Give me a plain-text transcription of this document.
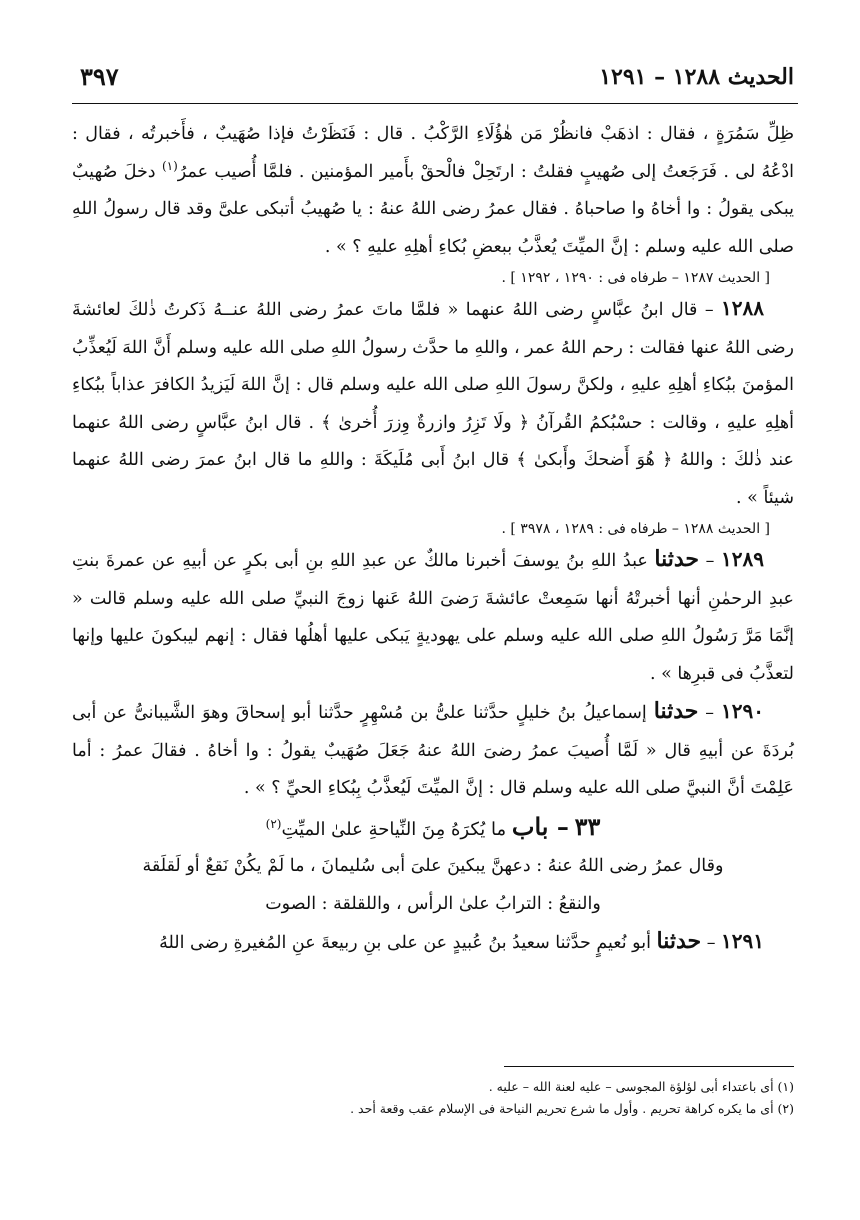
الحديث ١٢٨٨ – ١٢٩١
٣٩٧

ظِلِّ سَمُرَةٍ ، فقال : اذهَبْ فانظُرْ مَن هٰؤُلَاءِ الرَّكْبُ . قال : فَنَظَرْتُ فإذا صُهَيبٌ ، فأَخبرتُه ، فقال : ادْعُهُ لى . فَرَجَعتُ إلى صُهيبٍ فقلتُ : ارتَحِلْ فالْحقْ بأَمير المؤمنين . فلمَّا أُصيب عمرُ$^{(١)}$ دخلَ صُهيبٌ يبكى يقولُ : وا أخاهُ وا صاحباهُ . فقال عمرُ رضى اللهُ عنهُ : يا صُهيبُ أتبكى علىَّ وقد قال رسولُ اللهِ صلى الله عليه وسلم : إنَّ الميِّتَ يُعذَّبُ ببعضِ بُكاءِ أهلِهِ عليهِ ؟ » .

[ الحديث ١٢٨٧ – طرفاه فى : ١٢٩٠ ، ١٢٩٢ ] .

١٢٨٨ – قال ابنُ عبَّاسٍ رضى اللهُ عنهما « فلمَّا ماتَ عمرُ رضى اللهُ عنــهُ ذَكرتُ ذٰلكَ لعائشةَ رضى اللهُ عنها فقالت : رحم اللهُ عمر ، واللهِ ما حدَّث رسولُ اللهِ صلى الله عليه وسلم أَنَّ اللهَ لَيُعذِّبُ المؤمنَ ببُكاءِ أهلِهِ عليهِ ، ولكنَّ رسولَ اللهِ صلى الله عليه وسلم قال : إنَّ اللهَ لَيَزيدُ الكافرَ عذاباً ببُكاءِ أهلِهِ عليهِ ، وقالت : حسْبُكمُ القُرآنُ ﴿ ولَا تَزِرُ وازرةٌ وِزرَ أُخرىٰ ﴾ . قال ابنُ عبَّاسٍ رضى اللهُ عنهما عند ذٰلكَ : واللهُ ﴿ هُوَ أَضحكَ وأَبكىٰ ﴾ قال ابنُ أَبى مُلَيكَةَ : واللهِ ما قال ابنُ عمرَ رضى اللهُ عنهما شيئاً » .

[ الحديث ١٢٨٨ – طرفاه فى : ١٢٨٩ ، ٣٩٧٨ ] .

١٢٨٩ – حدثنا عبدُ اللهِ بنُ يوسفَ أخبرنا مالكٌ عن عبدِ اللهِ بنِ أبى بكرٍ عن أبيهِ عن عمرةَ بنتِ عبدِ الرحمٰنِ أنها أخبرتْهُ أنها سَمِعتْ عائشةَ رَضىَ اللهُ عَنها زوجَ النبيِّ صلى الله عليه وسلم قالت « إنَّمَا مَرَّ رَسُولُ اللهِ صلى الله عليه وسلم على يهوديةٍ يَبكى عليها أهلُها فقال : إنهم ليبكونَ عليها وإنها لتعذَّبُ فى قبرِها » .

١٢٩٠ – حدثنا إسماعيلُ بنُ خليلٍ حدَّثنا علىُّ بن مُسْهِرٍ حدَّثنا أبو إسحاقَ وهوَ الشَّيبانىُّ عن أبى بُردَةَ عن أبيهِ قال « لَمَّا أُصيبَ عمرُ رضىَ اللهُ عنهُ جَعَلَ صُهَيبٌ يقولُ : وا أخاهُ . فقالَ عمرُ : أما عَلِمْتَ أنَّ النبيَّ صلى الله عليه وسلم قال : إنَّ الميِّتَ لَيُعذَّبُ بِبُكاءِ الحيِّ ؟ » .

٣٣ – باب ما يُكرَهُ مِنَ النِّياحةِ علىٰ الميِّتِ$^{(٢)}$

وقال عمرُ رضى اللهُ عنهُ : دعهنَّ يبكينَ علىَ أبى سُليمانَ ، ما لَمْ يكُنْ نَقعٌ أو لَقلَقة

والنقعُ : الترابُ علىٰ الرأس ، واللقلقة : الصوت

١٢٩١ – حدثنا أبو نُعيمٍ حدَّثنا سعيدُ بنُ عُبيدٍ عن على بنِ ربيعةَ عنِ المُغيرةِ رضى اللهُ

(١) أى باعتداء أبى لؤلؤة المجوسى – عليه لعنة الله – عليه .

(٢) أى ما يكره كراهة تحريم . وأول ما شرع تحريم النياحة فى الإسلام عقب وقعة أحد .
